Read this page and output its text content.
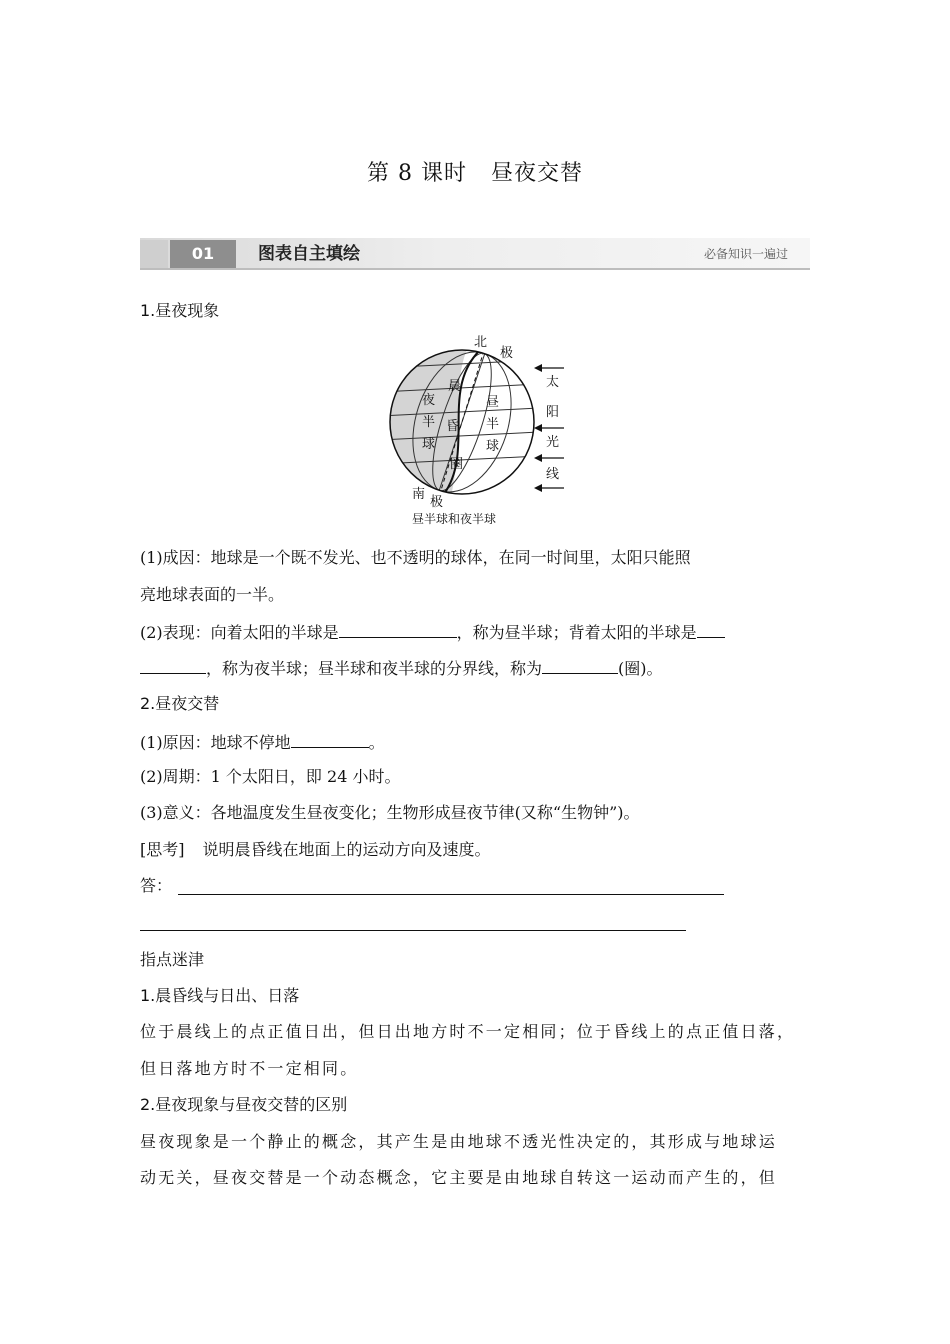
第 8 课时 昼夜交替
01	图表自主填绘	必备知识一遍过
1.昼夜现象
北
极
南
极
晨
昏
圈
夜
半
球
昼
半
球
太
阳
光
线
昼半球和夜半球
(1)成因：地球是一个既不发光、也不透明的球体，在同一时间里，太阳只能照
亮地球表面的一半。
(2)表现：向着太阳的半球是	，称为昼半球；背着太阳的半球是
，称为夜半球；昼半球和夜半球的分界线，称为	(圈)。
2.昼夜交替
(1)原因：地球不停地	。
(2)周期：1 个太阳日，即 24 小时。
(3)意义：各地温度发生昼夜变化；生物形成昼夜节律(又称“生物钟”)。
[思考] 说明晨昏线在地面上的运动方向及速度。
答：
指点迷津
1.晨昏线与日出、日落
位于晨线上的点正值日出，但日出地方时不一定相同；位于昏线上的点正值日落，
但日落地方时不一定相同。
2.昼夜现象与昼夜交替的区别
昼夜现象是一个静止的概念，其产生是由地球不透光性决定的，其形成与地球运
动无关，昼夜交替是一个动态概念，它主要是由地球自转这一运动而产生的，但
